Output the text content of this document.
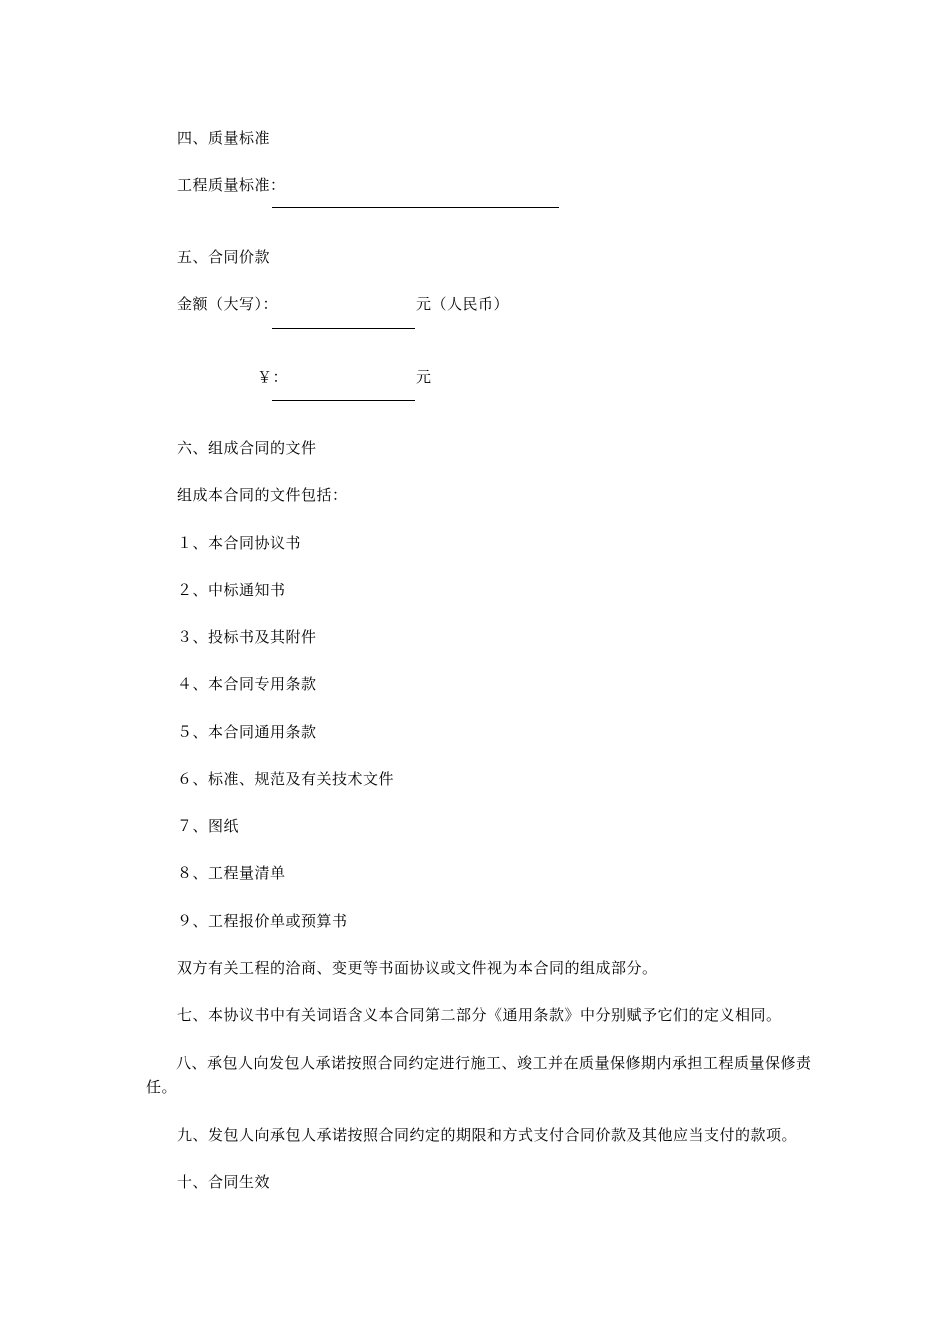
四、质量标准
工程质量标准：
五、合同价款
金额（大写）：	元（人民币）
￥：	元
六、组成合同的文件
组成本合同的文件包括：
１、本合同协议书
２、中标通知书
３、投标书及其附件
４、本合同专用条款
５、本合同通用条款
６、标准、规范及有关技术文件
７、图纸
８、工程量清单
９、工程报价单或预算书
双方有关工程的洽商、变更等书面协议或文件视为本合同的组成部分。
七、本协议书中有关词语含义本合同第二部分《通用条款》中分别赋予它们的定义相同。
八、承包人向发包人承诺按照合同约定进行施工、竣工并在质量保修期内承担工程质量保修责任。
九、发包人向承包人承诺按照合同约定的期限和方式支付合同价款及其他应当支付的款项。
十、合同生效
